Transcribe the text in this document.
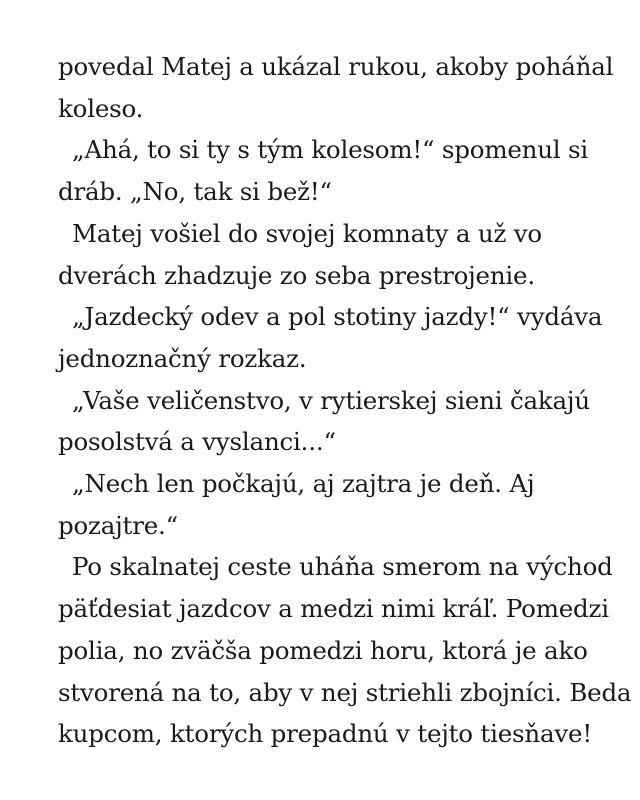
povedal Matej a ukázal rukou, akoby poháňal
koleso.
„Ahá, to si ty s tým kolesom!“ spomenul si
dráb. „No, tak si bež!“
Matej vošiel do svojej komnaty a už vo
dverách zhadzuje zo seba prestrojenie.
„Jazdecký odev a pol stotiny jazdy!“ vydáva
jednoznačný rozkaz.
„Vaše veličenstvo, v rytierskej sieni čakajú
posolstvá a vyslanci...“
„Nech len počkajú, aj zajtra je deň. Aj
pozajtre.“
Po skalnatej ceste uháňa smerom na východ
päťdesiat jazdcov a medzi nimi kráľ. Pomedzi
polia, no zväčša pomedzi horu, ktorá je ako
stvorená na to, aby v nej striehli zbojníci. Beda
kupcom, ktorých prepadnú v tejto tiesňave!
